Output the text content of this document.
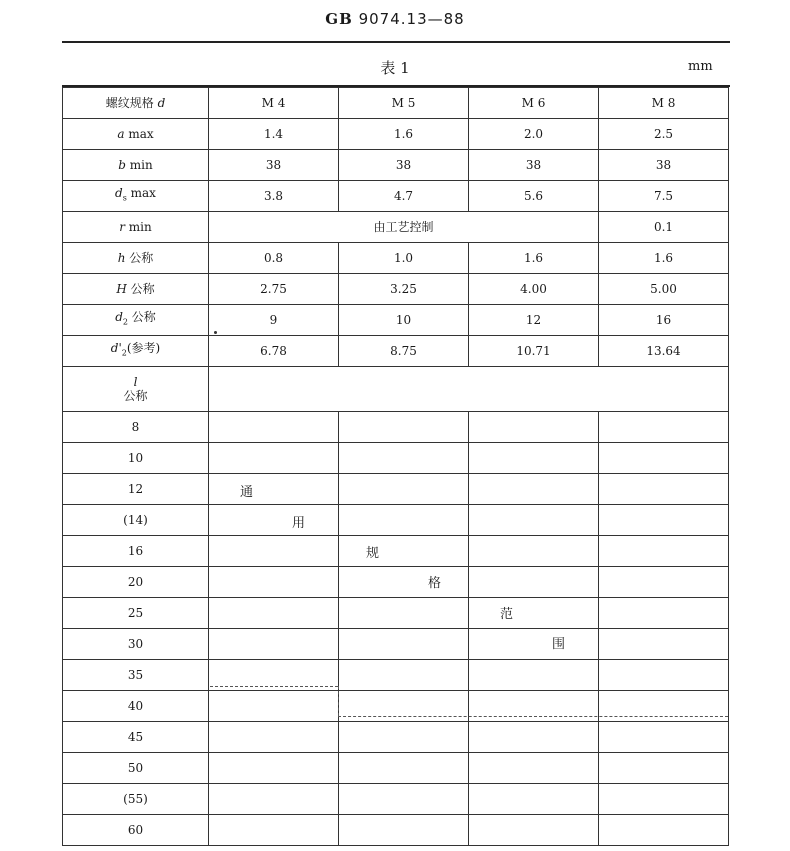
GB 9074.13—88
表 1	mm
螺纹规格 d	M 4	M 5	M 6	M 8
a max	1.4	1.6	2.0	2.5
b min	38	38	38	38
$d_s$ max	3.8	4.7	5.6	7.5
r min	由工艺控制			0.1
h 公称	0.8	1.0	1.6	1.6
H 公称	2.75	3.25	4.00	5.00
$d_2$ 公称	9	10	12	16
$d'_2$(参考)	6.78	8.75	10.71	13.64
l
公称				
8				
10				
12				
(14)				
16				
20				
25				
30				
35				
40				
45				
50				
(55)				
60				
通
用
规
格
范
围
